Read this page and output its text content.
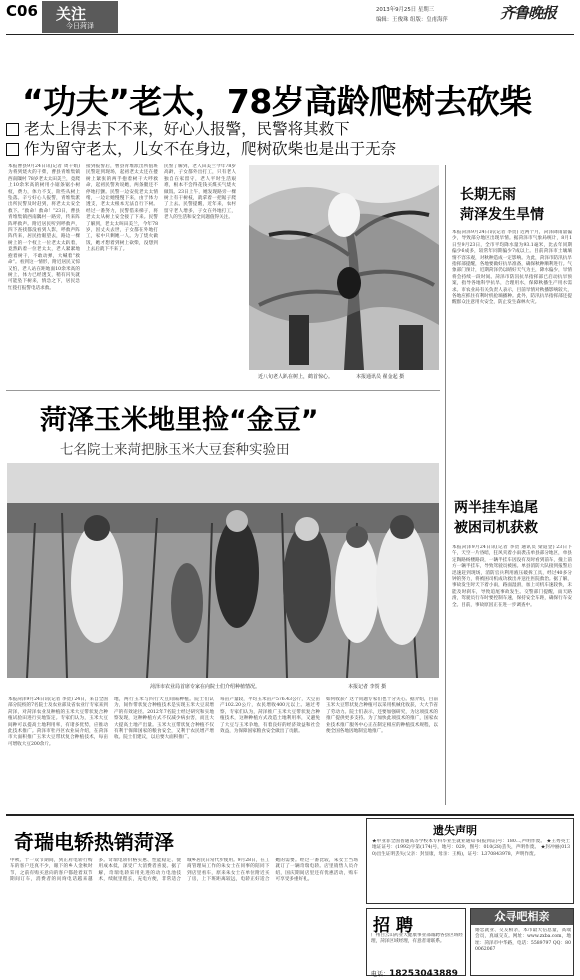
C06 关注
今日菏泽
2013年9月25日 星期三
编辑：王俊珠 组版：皇甫海萍	齐鲁晚报
“功夫”老太，78岁高龄爬树去砍柴
老太上得去下不来，好心人报警，民警将其救下
作为留守老太，儿女不在身边，爬树砍柴也是出于无奈
本报曹县9月24日讯(记者 周千娟) 为将到烧火的干柴，曹县青堆集镇西南隅村 78岁老太太田美兰，竟爬上10余米高的树用小锯条锯小树杈，费力，体力不支，险些从树上坠落。辛亏好心人报警，青堆集派出所民警及时赶到，将老太太安全救下。“救命！救命！”23日，曹县青堆集镇西南隅村一路旁，传来阵阵呼救声。附近居民听到呼救声，四下查找都没看到人影，呼救声阵阵传来，居民抬眼望去，路边一棵树上的一个杈上一位老太太趴着，竟然趴着一位老太太，老人紧紧地抱着树干，不敢动弹，大喊着“救命”。看到这一情形，附近居民又惊又怕，老人站在距地面10余米高的树上，体力已经透支，稍有闪失就可能坠下树来，情急之下，居民急忙拨打报警电话求救。
接到报警后，曹县青堆派出所值班民警赶到现场，起初老太太还在搂树上紧张的两手抱着树干大呼救命，起初民警劝说她，两条腿还不停地打颤。民警一边安抚老太太情绪，一边让她慢慢下来，由于体力透支，老太太根本无法自行下树。经过一番努力，民警借来梯子，将老太太从树上安全接了下来。民警了解到，老太太叫田美兰，今年78岁，因丈夫去世，子女都在外地打工，家中只剩她一人。为了烧火做饭，她才想着到树上砍柴，没想到上去后就下不来了。
民警了解到，老人田美兰今年78岁高龄，子女都外出打工，只有老人独自在家留守，老人平时生活艰难，根本不会得花钱买煤买气烧火做饭。23日上午，她发现路旁一棵树上有干树枝，就拿着一把锯子爬了上去。民警提醒，近年来，农村留守老人增多，子女在外地打工，老人的生活和安全问题值得关注。
近八旬老人趴在树上，鹤首惊心。	本报通讯员 翟金起 摄
长期无雨
菏泽发生旱情
本报菏泽9月24日讯(记者 李贺) 近两个月，菏泽降雨量偏少，导致部分地区出现旱情。据菏泽市气象局统计，8月1日至9月23日，全市平均降水量为93.1毫米，比去年同期偏少6成多，较常年同期偏少7成以上。目前菏泽市土壤墒情不容乐观，对秋种造成一定影响。为此，菏泽市防汛抗旱指挥部提醒，各地要做好抗旱准备，确保秋种顺利进行。气象部门预计，近期菏泽仍以晴好天气为主，降水偏少，旱情将会持续一段时间。菏泽市防汛抗旱指挥部已启动抗旱预案，指导各地科学抗旱，合理用水，保障秋播生产用水需求。市农业局有关负责人表示，目前旱情对秋播影响较大，各地应抓住有利时机抢墒播种。此外，防汛抗旱指挥部还提醒群众注意用火安全，防止发生森林火灾。
两半挂车追尾
被困司机获救
本报菏泽9月24日讯(记者 李贺 通讯员 梁道金) 23日下午，天空一片昏暗，狂风夹着小雨袭击单县部分地区，单县定陶路杨楼路段，一辆半挂车因没有及时看到前车，撞上前方一辆半挂车，导致驾驶员被困。单县消防大队接到报警后迅速赶到现场，消防官兵利用液压破拆工具，经过40多分钟的努力，将被困司机成功救出并送往医院救治。据了解，事故发生时天下着小雨，路面湿滑，加上司机车速较快，未能及时刹车，导致追尾事故发生。交警部门提醒，雨天路滑，驾驶员行车时要控制车速，保持安全车距，确保行车安全。目前，事故原因正在进一步调查中。
菏泽玉米地里捡“金豆”
七名院士来菏把脉玉米大豆套种实验田
菏泽市农业局首席专家在向院士们介绍种植情况。	本报记者 李贺 摄
本报菏泽9月24日讯(记者 李贺) 24日，来自全国部分院校的7名院士及农业部及省农业厅专家来到菏泽，对菏泽农业及种植的玉米大豆带状复合种植试验田进行实地鉴定。专家们认为，玉米大豆间种可以提高土地利用率，有诸多优势，应推动此技术推广。菏泽市牡丹区农业局介绍，在菏泽市大面积推广玉米大豆带状复合种植技术，每亩可增收大豆200余斤。
地，两行玉米与四行大豆间隔种植。院士们认为，间作带状复合种植技术是实现玉米大豆双增产的有效途径。2012年7名院士经过研究和实地察发现，这种种植方式不仅减少病虫害，而且大大提高土地产出量。玉米大豆带状复合种植不仅有利于保障国家的粮食安全，又利于农民增产增收。院士们建议，以后要大面积推广。
每亩产量较，平均玉米亩产576.43公斤，大豆亩产102.20公斤，农民增收400元以上。通过考察，专家们认为，菏泽推广玉米大豆带状复合种植技术，这种种植方式改造土地利用率，又避免了大豆与玉米争地，有着良好的经济效益和社会效益，为保障国家粮食安全做出了贡献。
如何收获？这个问题专家们也十分关心。据介绍，目前玉米大豆带状复合种植可以采用机械化收获，大大节省了劳动力。院士们表示，还要加强研究，为这项技术的推广提供更多支持。为了加快此项技术的推广，国家农业技术推广服务中心正在制定相应的种植技术规程，以便全国各地因地制宜地推广。
奇瑞电轿热销菏泽
中秋、十一双节期间，到正府电轿行购车的客户还真不少，眼下的乡人金秋时节，之前有购买意向的客户都趁着双节期间订车，消费者的问询电话越来越多。奇瑞电轿价格实惠、性能稳定、使用成本低，深受广大消费者喜爱。据了解，奇瑞电轿采用先进的动力电池技术，续航里程长，充电方便，非常适合城乡居民日常代步使用。9月28日，在工商管理局工作的朱女士在同事的陪同下到店里看车，原来朱女士在单位附近买了房，上下班距离较远，电轿正好适合她的需要。经过一番比较，朱女士当场就订了一辆奇瑞电轿。店里销售人员介绍，国庆期间店里还有优惠活动，购车可享受多重好礼。
遗失声明
★申亚菲全国普通高等学校本专科毕业生就业通知书(报到证)号：180...,声明作废。 ★王秀英土地证证号：(1992)字第(174)号，地号：029，图号：010(28)丢失，声明作废。 ★封冲丽(0130)出生证明丢失(父亲：封显康，母亲：王梅)，证号：L370843978，声明作废。
招 聘
广州白云山药业大健康事业部诚聘各县区域经理，菏泽区域经理，有意者请联系。
电话：18253043889
众寻吧相亲
婚恋就业、交友相亲，本市最大信息量，高端会员，真诚交友。网址：www.zxba.com，地址：菏泽市中华路，电话：5589797 QQ：800062067
